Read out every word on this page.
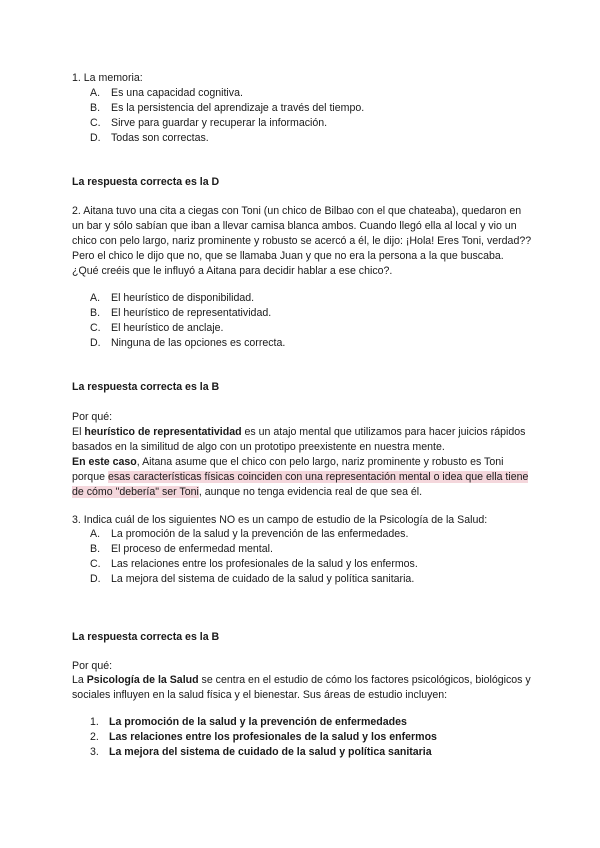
1. La memoria:

A. Es una capacidad cognitiva.
B. Es la persistencia del aprendizaje a través del tiempo.
C. Sirve para guardar y recuperar la información.
D. Todas son correctas.

La respuesta correcta es la D

2. Aitana tuvo una cita a ciegas con Toni (un chico de Bilbao con el que chateaba), quedaron en un bar y sólo sabían que iban a llevar camisa blanca ambos. Cuando llegó ella al local y vio un chico con pelo largo, nariz prominente y robusto se acercó a él, le dijo: ¡Hola! Eres Toni, verdad?? Pero el chico le dijo que no, que se llamaba Juan y que no era la persona a la que buscaba. ¿Qué creéis que le influyó a Aitana para decidir hablar a ese chico?.

A. El heurístico de disponibilidad.
B. El heurístico de representatividad.
C. El heurístico de anclaje.
D. Ninguna de las opciones es correcta.

La respuesta correcta es la B

Por qué:

El heurístico de representatividad es un atajo mental que utilizamos para hacer juicios rápidos basados en la similitud de algo con un prototipo preexistente en nuestra mente.

En este caso, Aitana asume que el chico con pelo largo, nariz prominente y robusto es Toni porque esas características físicas coinciden con una representación mental o idea que ella tiene de cómo "debería" ser Toni, aunque no tenga evidencia real de que sea él.

3. Indica cuál de los siguientes NO es un campo de estudio de la Psicología de la Salud:

A. La promoción de la salud y la prevención de las enfermedades.
B. El proceso de enfermedad mental.
C. Las relaciones entre los profesionales de la salud y los enfermos.
D. La mejora del sistema de cuidado de la salud y política sanitaria.

La respuesta correcta es la B

Por qué:

La Psicología de la Salud se centra en el estudio de cómo los factores psicológicos, biológicos y sociales influyen en la salud física y el bienestar. Sus áreas de estudio incluyen:

1. La promoción de la salud y la prevención de enfermedades
2. Las relaciones entre los profesionales de la salud y los enfermos
3. La mejora del sistema de cuidado de la salud y política sanitaria
